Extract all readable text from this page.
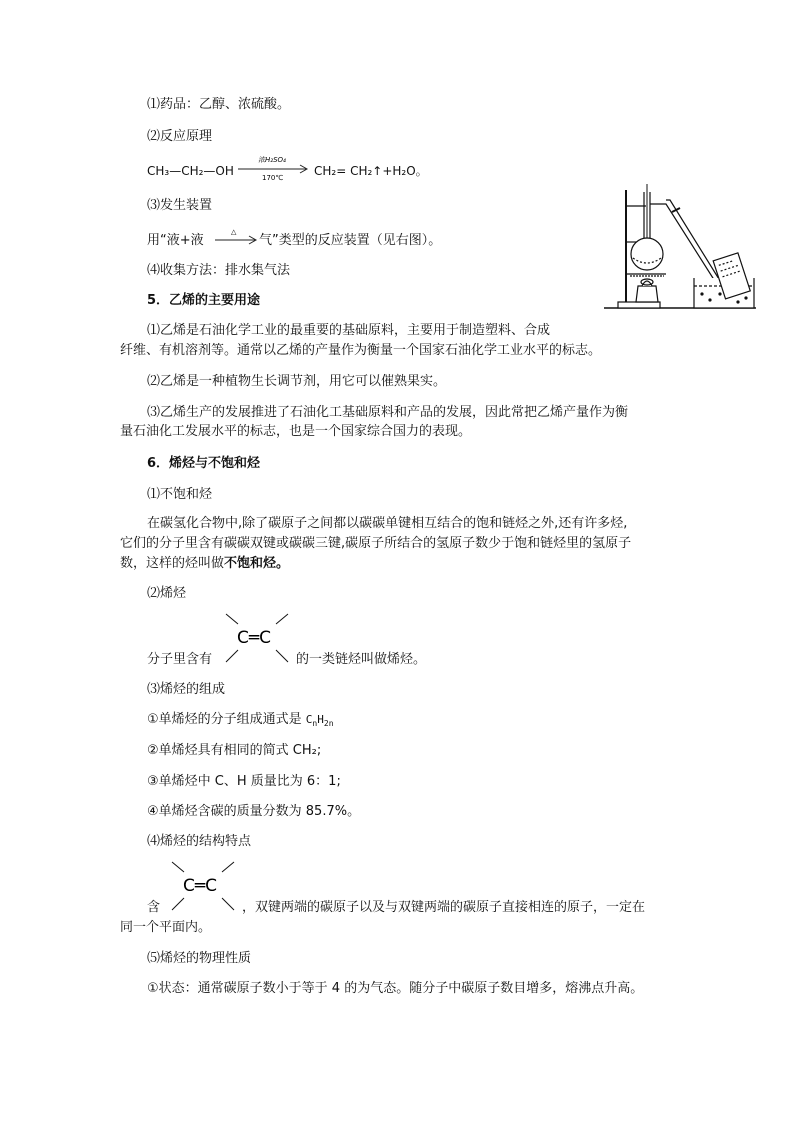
⑴药品：乙醇、浓硫酸。
⑵反应原理
CH₃—CH₂—OH
浓H₂SO₄
170℃	CH₂= CH₂↑+H₂O。
⑶发生装置
用“液+液
△
气”类型的反应装置（见右图）。
⑷收集方法：排水集气法
5．乙烯的主要用途
⑴乙烯是石油化学工业的最重要的基础原料，主要用于制造塑料、合成
纤维、有机溶剂等。通常以乙烯的产量作为衡量一个国家石油化学工业水平的标志。
⑵乙烯是一种植物生长调节剂，用它可以催熟果实。
⑶乙烯生产的发展推进了石油化工基础原料和产品的发展，因此常把乙烯产量作为衡
量石油化工发展水平的标志，也是一个国家综合国力的表现。
6．烯烃与不饱和烃
⑴不饱和烃
在碳氢化合物中,除了碳原子之间都以碳碳单键相互结合的饱和链烃之外,还有许多烃,
它们的分子里含有碳碳双键或碳碳三键,碳原子所结合的氢原子数少于饱和链烃里的氢原子
数，这样的烃叫做不饱和烃。
⑵烯烃
分子里含有
C═C
的一类链烃叫做烯烃。
⑶烯烃的组成
①单烯烃的分子组成通式是 $C_nH_{2n}$
②单烯烃具有相同的简式 CH₂;
③单烯烃中 C、H 质量比为 6：1;
④单烯烃含碳的质量分数为 85.7%。
⑷烯烃的结构特点
含
C═C
，双键两端的碳原子以及与双键两端的碳原子直接相连的原子，一定在
同一个平面内。
⑸烯烃的物理性质
①状态：通常碳原子数小于等于 4 的为气态。随分子中碳原子数目增多，熔沸点升高。
